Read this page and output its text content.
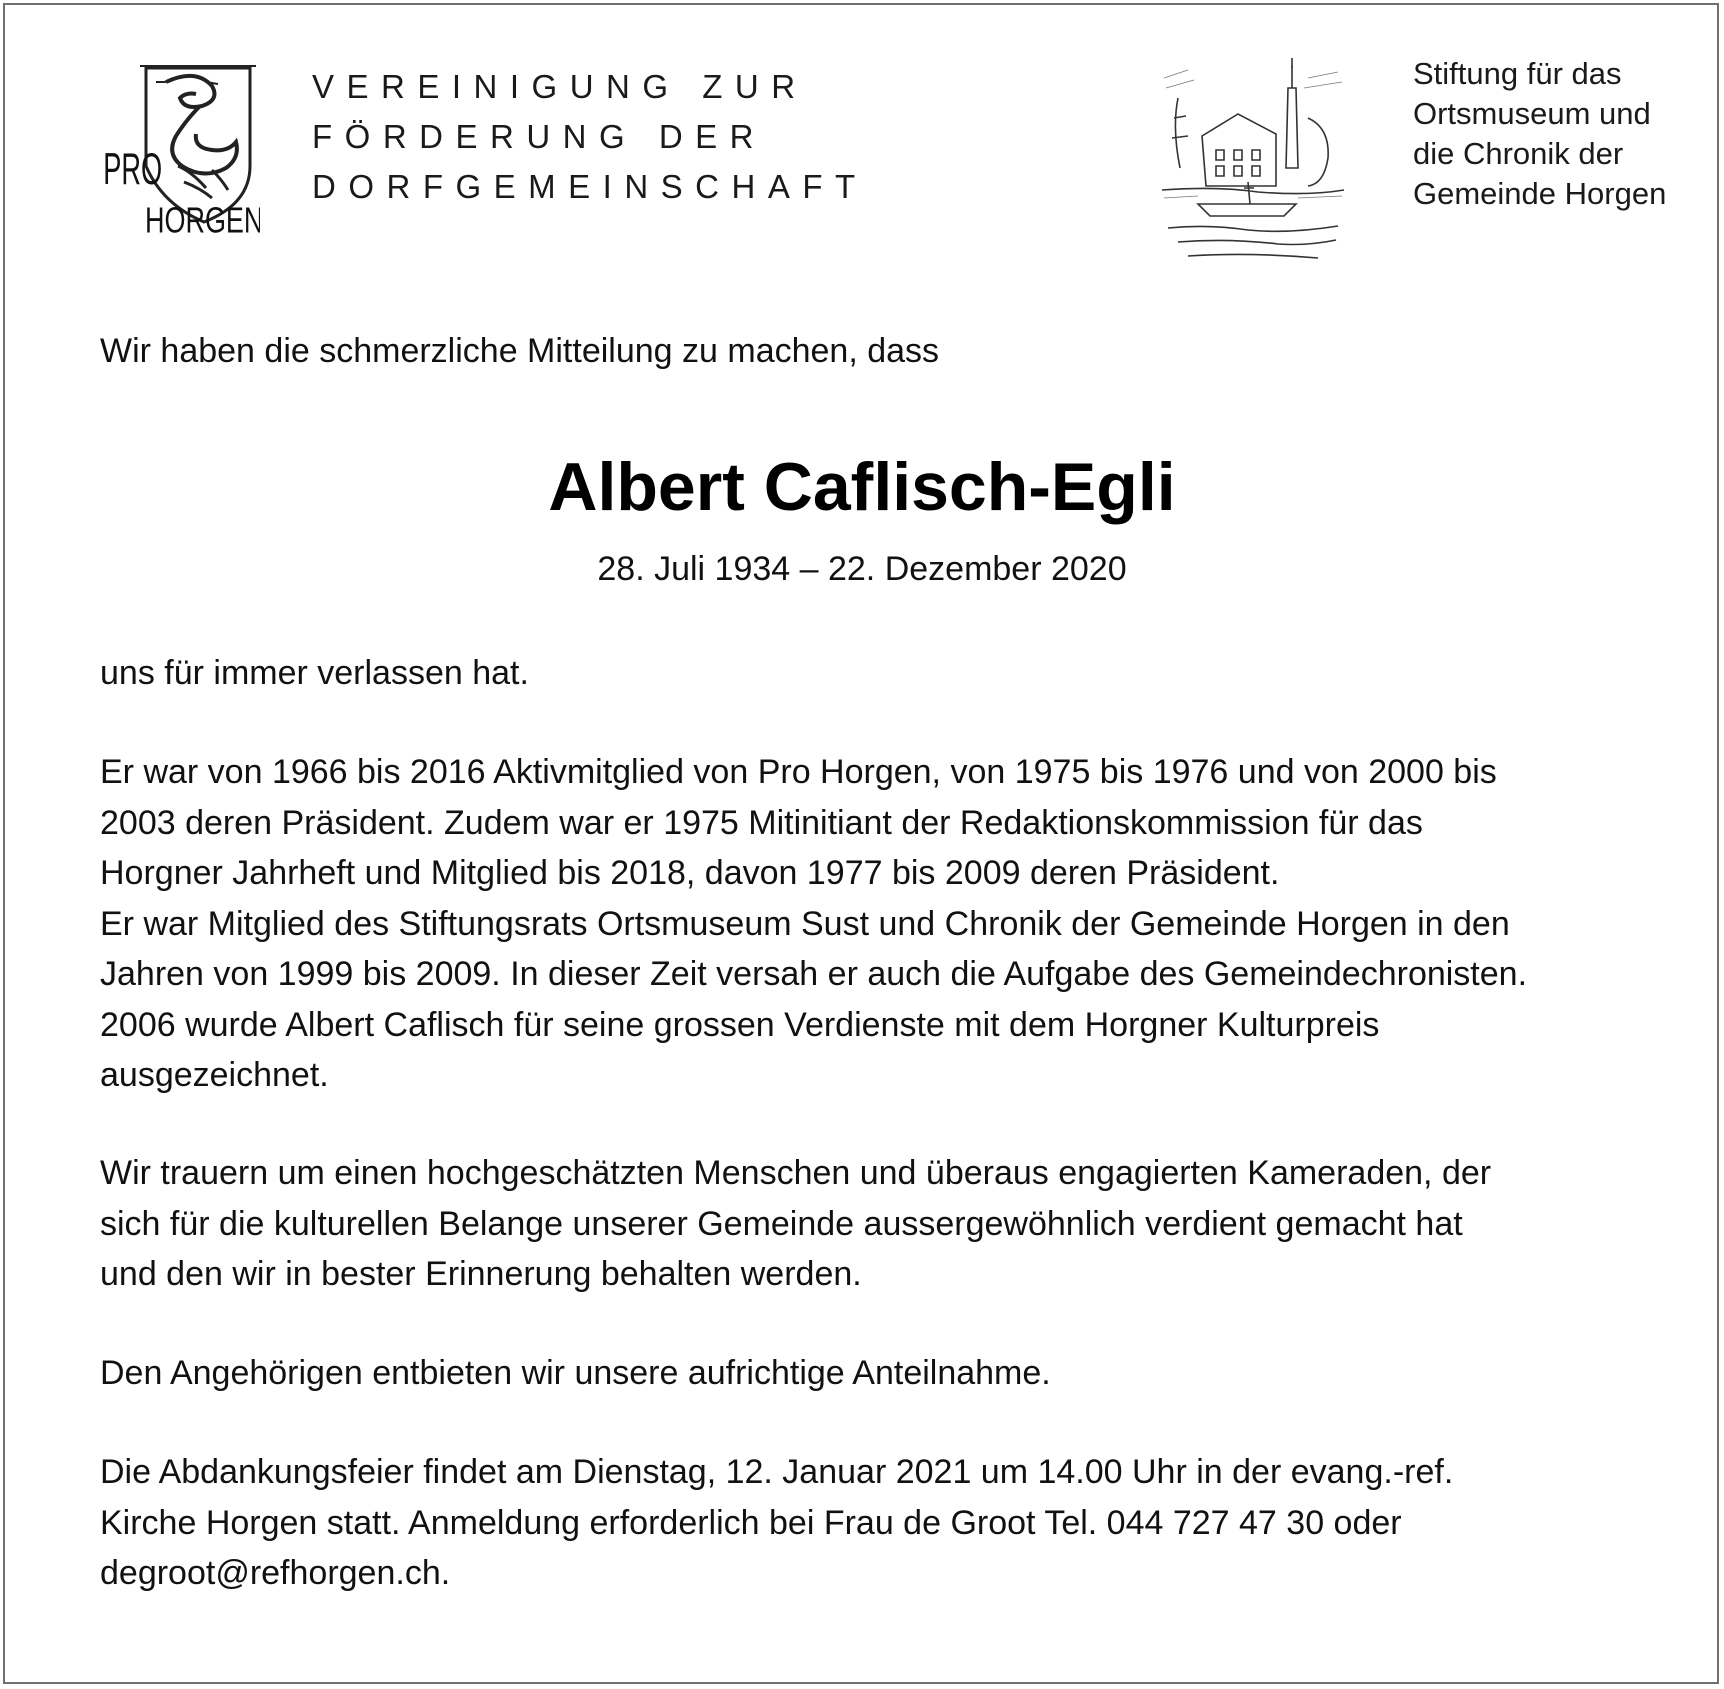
PRO
HORGEN
VEREINIGUNG ZUR
FÖRDERUNG DER
DORFGEMEINSCHAFT
Stiftung für das
Ortsmuseum und
die Chronik der
Gemeinde Horgen
Wir haben die schmerzliche Mitteilung zu machen, dass
Albert Caflisch-Egli
28. Juli 1934 – 22. Dezember 2020
uns für immer verlassen hat.
Er war von 1966 bis 2016 Aktivmitglied von Pro Horgen, von 1975 bis 1976 und von 2000 bis
2003 deren Präsident. Zudem war er 1975 Mitinitiant der Redaktionskommission für das
Horgner Jahrheft und Mitglied bis 2018, davon 1977 bis 2009 deren Präsident.
Er war Mitglied des Stiftungsrats Ortsmuseum Sust und Chronik der Gemeinde Horgen in den
Jahren von 1999 bis 2009. In dieser Zeit versah er auch die Aufgabe des Gemeindechronisten.
2006 wurde Albert Caflisch für seine grossen Verdienste mit dem Horgner Kulturpreis
ausgezeichnet.
Wir trauern um einen hochgeschätzten Menschen und überaus engagierten Kameraden, der
sich für die kulturellen Belange unserer Gemeinde aussergewöhnlich verdient gemacht hat
und den wir in bester Erinnerung behalten werden.
Den Angehörigen entbieten wir unsere aufrichtige Anteilnahme.
Die Abdankungsfeier findet am Dienstag, 12. Januar 2021 um 14.00 Uhr in der evang.-ref.
Kirche Horgen statt. Anmeldung erforderlich bei Frau de Groot Tel. 044 727 47 30 oder
degroot@refhorgen.ch.
